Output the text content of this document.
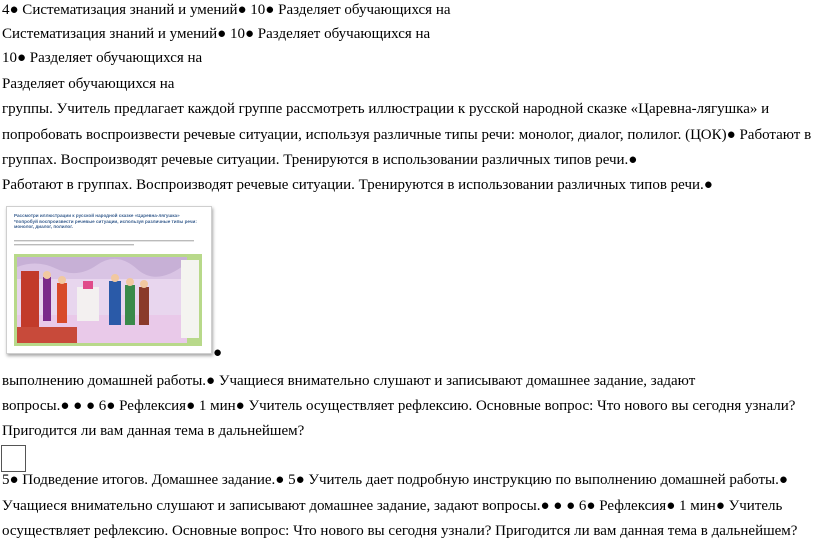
4● Систематизация знаний и умений● 10● Разделяет обучающихся на
Систематизация знаний и умений● 10● Разделяет обучающихся на
10● Разделяет обучающихся на
Разделяет обучающихся на
группы. Учитель предлагает каждой группе рассмотреть иллюстрации к русской народной сказке «Царевна-лягушка» и
попробовать воспроизвести речевые ситуации, используя различные типы речи: монолог, диалог, полилог. (ЦОК)● Работают в
группах. Воспроизводят речевые ситуации. Тренируются в использовании различных типов речи.●
Работают в группах. Воспроизводят речевые ситуации. Тренируются в использовании различных типов речи.●
Рассмотри иллюстрации к русской народной сказке «Царевна-лягушка» *попробуй воспроизвести речевые ситуации, используя различные типы речи: монолог, диалог, полилог.
●
выполнению домашней работы.● Учащиеся внимательно слушают и записывают домашнее задание, задают
вопросы.● ● ● 6● Рефлексия● 1 мин● Учитель осуществляет рефлексию. Основные вопрос: Что нового вы сегодня узнали?
Пригодится ли вам данная тема в дальнейшем?
5● Подведение итогов. Домашнее задание.● 5● Учитель дает подробную инструкцию по выполнению домашней работы.●
Учащиеся внимательно слушают и записывают домашнее задание, задают вопросы.● ● ● 6● Рефлексия● 1 мин● Учитель
осуществляет рефлексию. Основные вопрос: Что нового вы сегодня узнали? Пригодится ли вам данная тема в дальнейшем?
